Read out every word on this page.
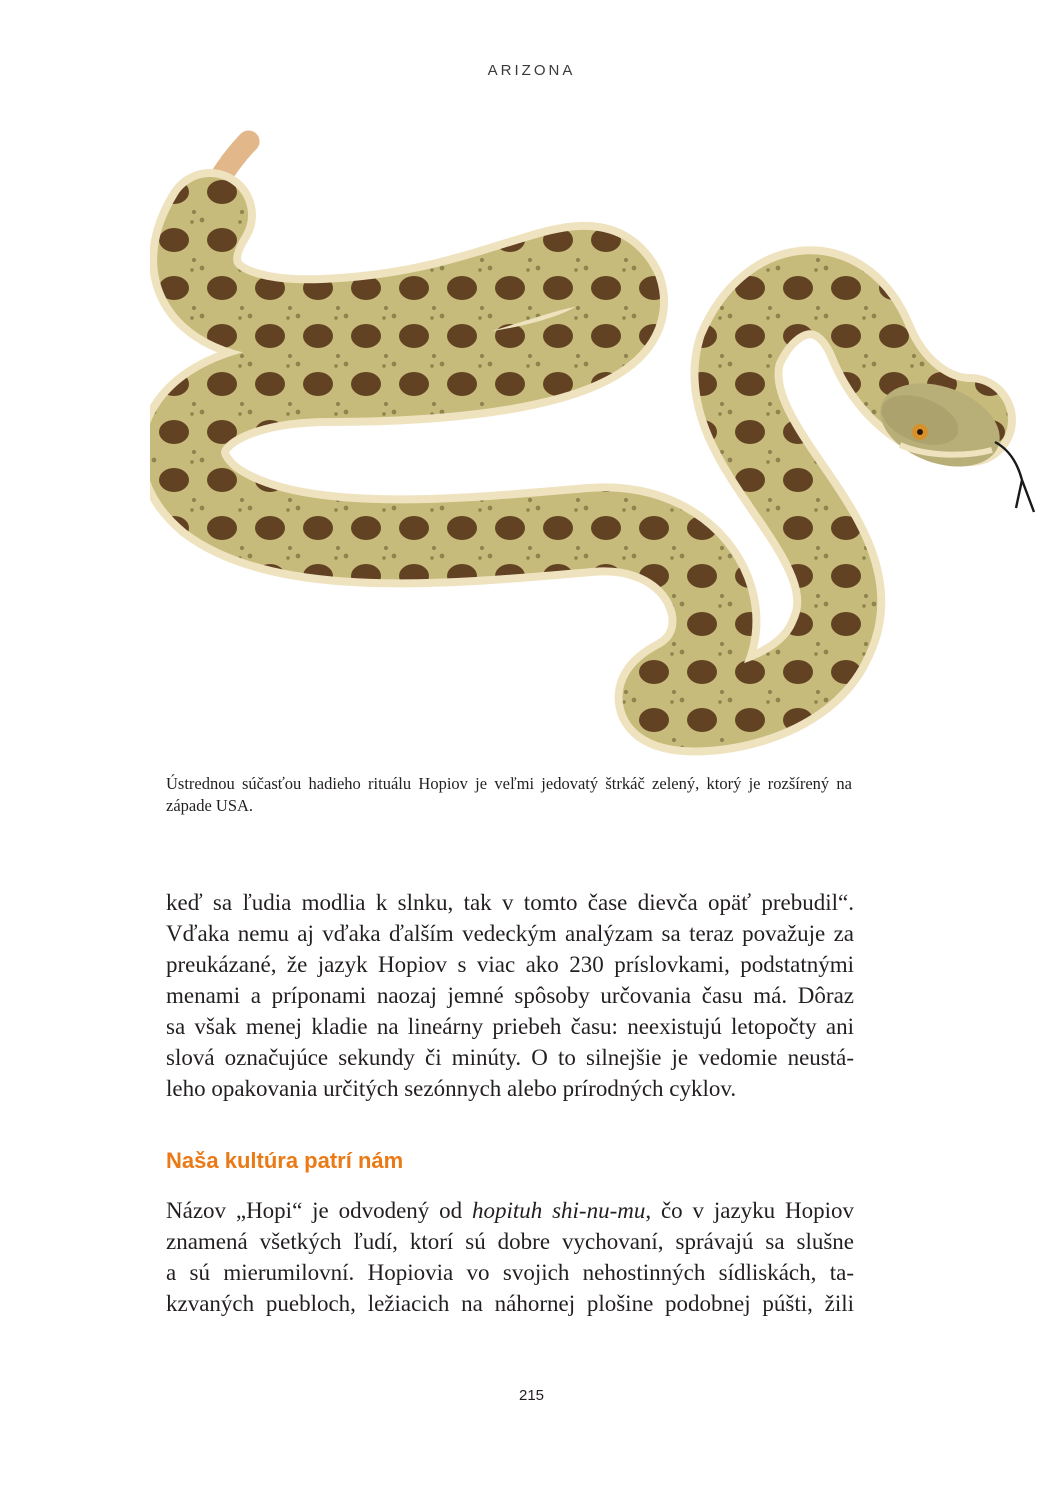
ARIZONA
Ústrednou súčasťou hadieho rituálu Hopiov je veľmi jedovatý štrkáč zelený, ktorý je rozšírený na západe USA.
keď sa ľudia modlia k slnku, tak v tomto čase dievča opäť prebudil“.
Vďaka nemu aj vďaka ďalším vedeckým analýzam sa teraz považuje za
preukázané, že jazyk Hopiov s viac ako 230 príslovkami, podstatnými
menami a príponami naozaj jemné spôsoby určovania času má. Dôraz
sa však menej kladie na lineárny priebeh času: neexistujú letopočty ani
slová označujúce sekundy či minúty. O to silnejšie je vedomie neustá-
leho opakovania určitých sezónnych alebo prírodných cyklov.
Naša kultúra patrí nám
Názov „Hopi“ je odvodený od hopituh shi-nu-mu, čo v jazyku Hopiov
znamená všetkých ľudí, ktorí sú dobre vychovaní, správajú sa slušne
a sú mierumilovní. Hopiovia vo svojich nehostinných sídliskách, ta-
kzvaných puebloch, ležiacich na náhornej plošine podobnej púšti, žili
215
